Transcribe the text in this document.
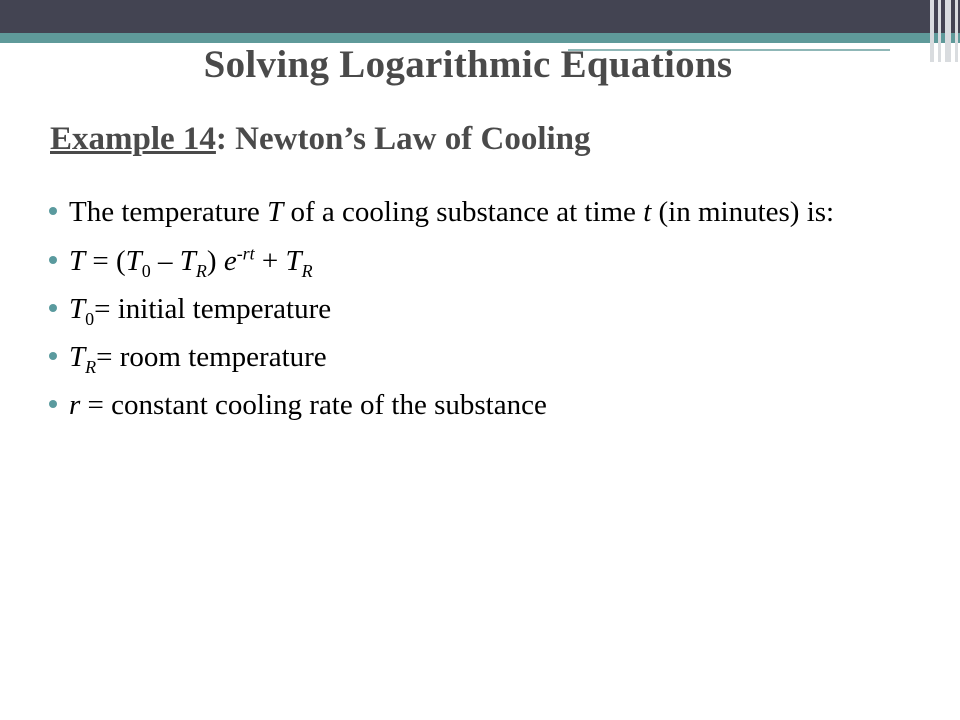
Solving Logarithmic Equations
Example 14: Newton’s Law of Cooling
The temperature T of a cooling substance at time t (in minutes) is:
$T = (T_0 - T_R) e^{-rt} + T_R$
$T_0=$ initial temperature
$T_R=$ room temperature
r = constant cooling rate of the substance
